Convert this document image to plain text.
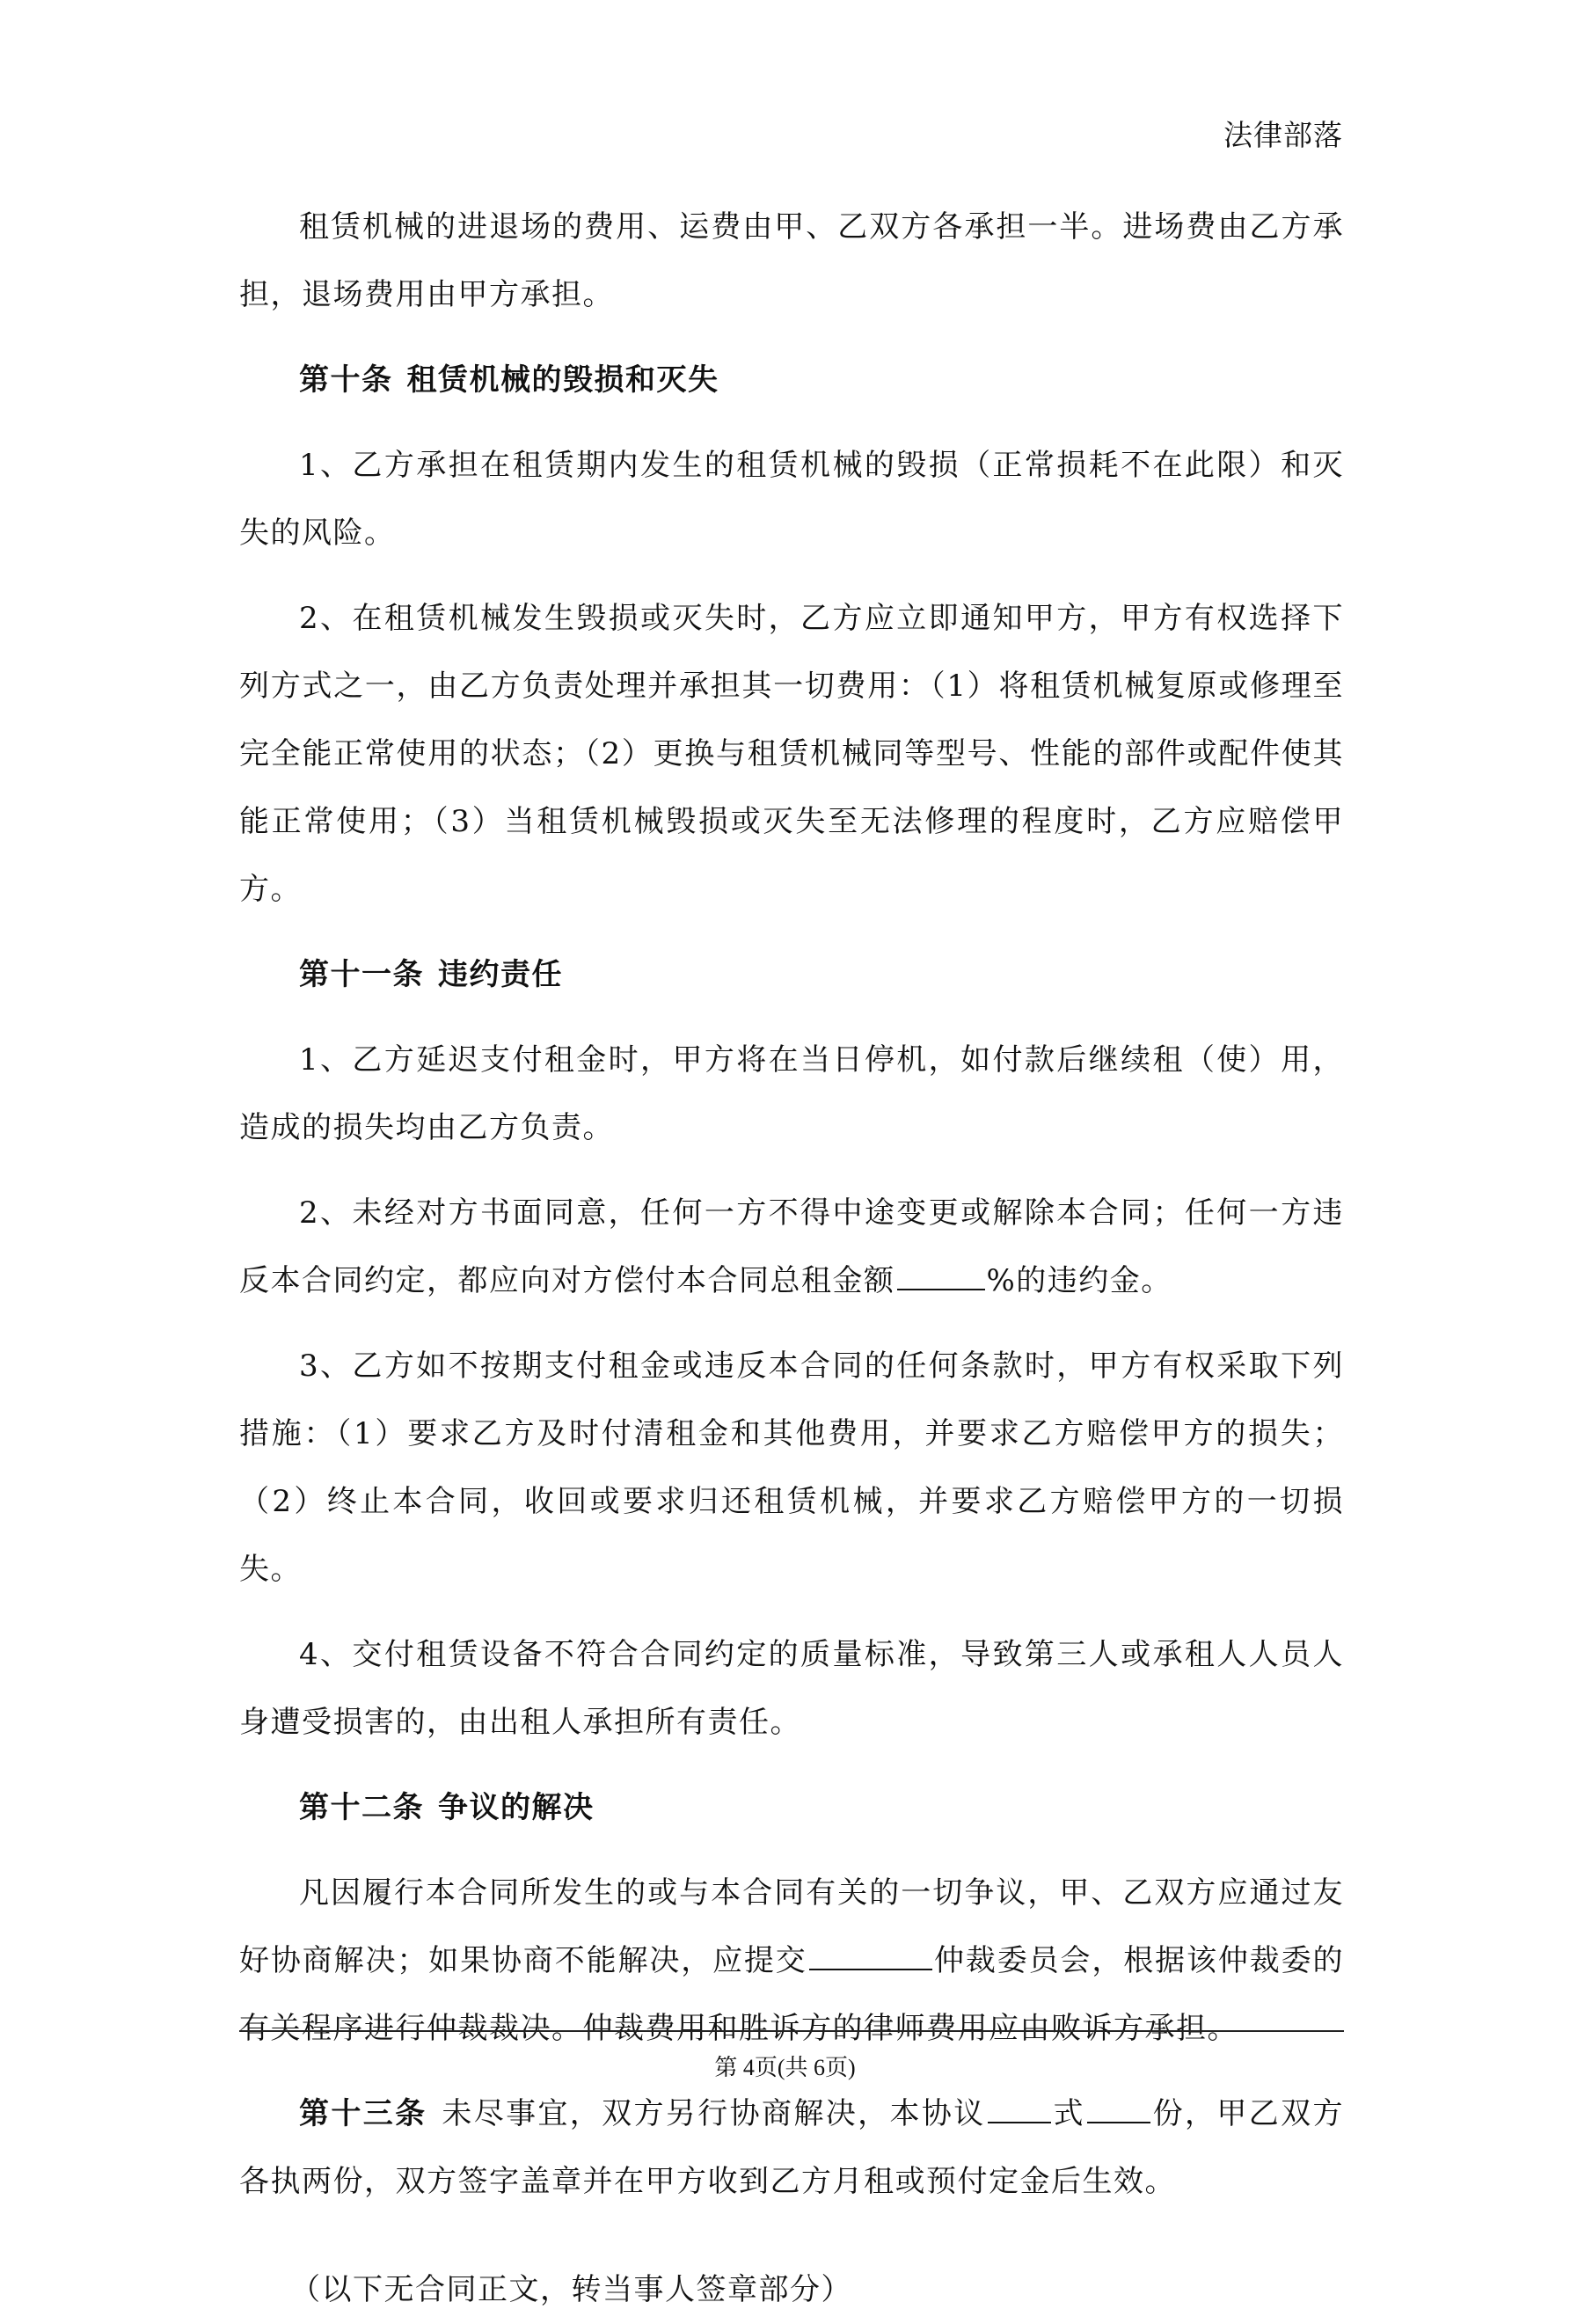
法律部落

租赁机械的进退场的费用、运费由甲、乙双方各承担一半。进场费由乙方承担，退场费用由甲方承担。

第十条 租赁机械的毁损和灭失

1、乙方承担在租赁期内发生的租赁机械的毁损（正常损耗不在此限）和灭失的风险。

2、在租赁机械发生毁损或灭失时，乙方应立即通知甲方，甲方有权选择下列方式之一，由乙方负责处理并承担其一切费用：（1）将租赁机械复原或修理至完全能正常使用的状态；（2）更换与租赁机械同等型号、性能的部件或配件使其能正常使用；（3）当租赁机械毁损或灭失至无法修理的程度时，乙方应赔偿甲方。

第十一条 违约责任

1、乙方延迟支付租金时，甲方将在当日停机，如付款后继续租（使）用，造成的损失均由乙方负责。

2、未经对方书面同意，任何一方不得中途变更或解除本合同；任何一方违反本合同约定，都应向对方偿付本合同总租金额	%的违约金。

3、乙方如不按期支付租金或违反本合同的任何条款时，甲方有权采取下列措施：（1）要求乙方及时付清租金和其他费用，并要求乙方赔偿甲方的损失；（2）终止本合同，收回或要求归还租赁机械，并要求乙方赔偿甲方的一切损失。

4、交付租赁设备不符合合同约定的质量标准，导致第三人或承租人人员人身遭受损害的，由出租人承担所有责任。

第十二条 争议的解决

凡因履行本合同所发生的或与本合同有关的一切争议，甲、乙双方应通过友好协商解决；如果协商不能解决，应提交	仲裁委员会，根据该仲裁委的有关程序进行仲裁裁决。仲裁费用和胜诉方的律师费用应由败诉方承担。

第十三条 未尽事宜，双方另行协商解决，本协议 式 份，甲乙双方各执两份，双方签字盖章并在甲方收到乙方月租或预付定金后生效。

（以下无合同正文，转当事人签章部分）

第 4页(共 6页)
